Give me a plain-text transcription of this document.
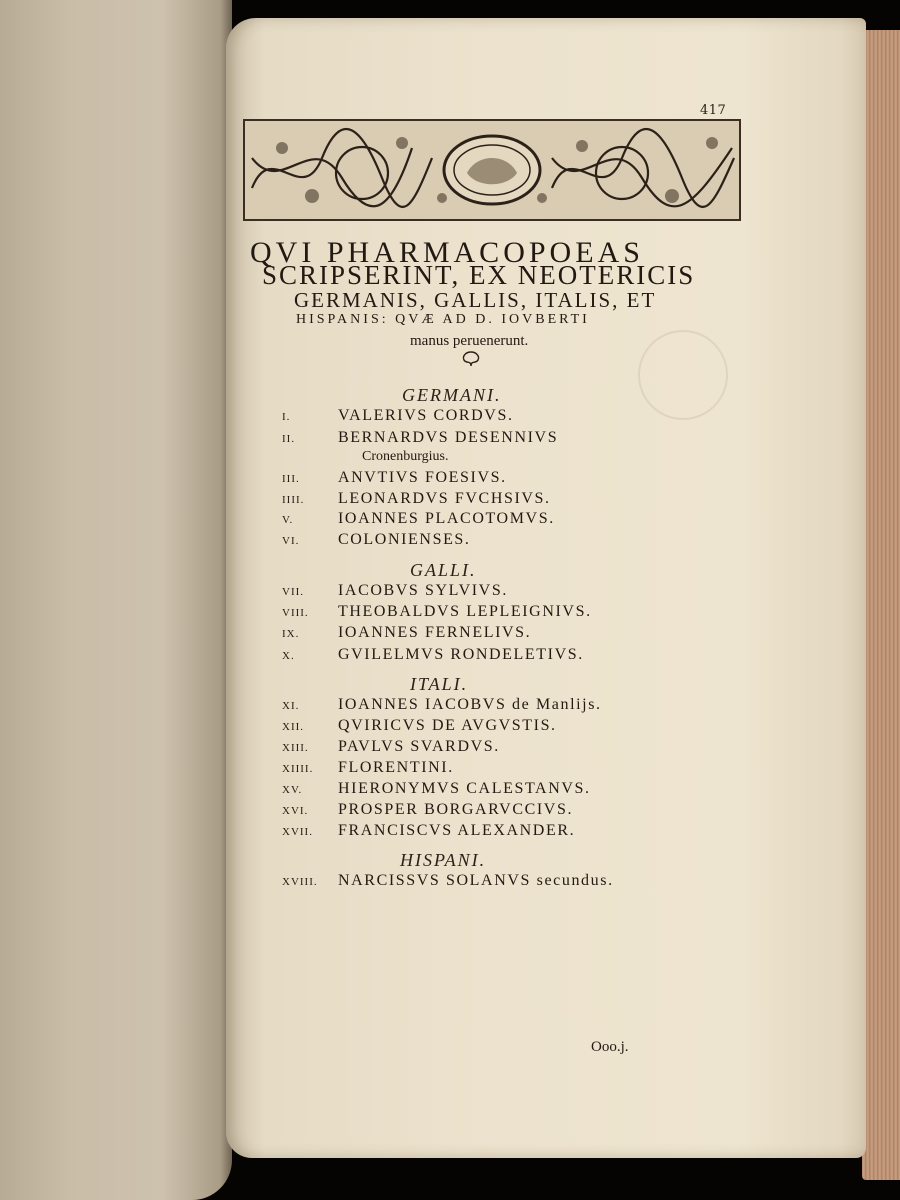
417
QVI PHARMACOPOEAS
SCRIPSERINT, EX NEOTERICIS
GERMANIS, GALLIS, ITALIS, ET
HISPANIS: QVÆ AD D. IOVBERTI
manus peruenerunt.
GERMANI.
GALLI.
ITALI.
HISPANI.
I.	VALERIVS CORDVS.
II.	BERNARDVS DESENNIVS
Cronenburgius.
III. ANVTIVS FOESIVS.
IIII. LEONARDVS FVCHSIVS.
V.	IOANNES PLACOTOMVS.
VI. COLONIENSES.
VII. IACOBVS SYLVIVS.
VIII. THEOBALDVS LEPLEIGNIVS.
IX. IOANNES FERNELIVS.
X.	GVILELMVS RONDELETIVS.
XI. IOANNES IACOBVS de Manlijs.
XII. QVIRICVS DE AVGVSTIS.
XIII. PAVLVS SVARDVS.
XIIII. FLORENTINI.
XV. HIERONYMVS CALESTANVS.
XVI. PROSPER BORGARVCCIVS.
XVII. FRANCISCVS ALEXANDER.
XVIII. NARCISSVS SOLANVS secundus.
Ooo.j.
